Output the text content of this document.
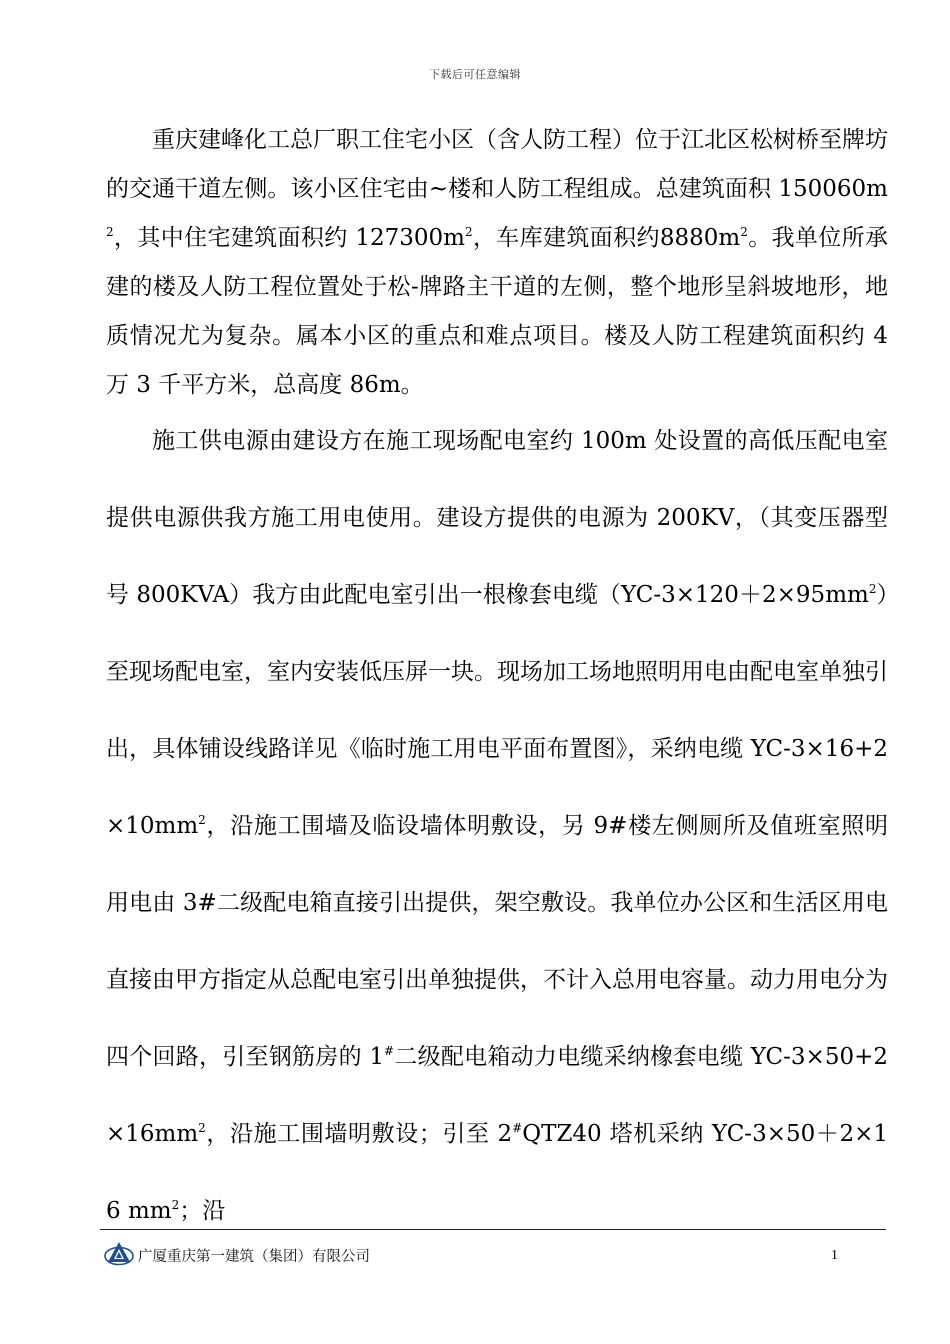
下载后可任意编辑

重庆建峰化工总厂职工住宅小区（含人防工程）位于江北区松树桥至牌坊的交通干道左侧。该小区住宅由~楼和人防工程组成。总建筑面积 $150060m^2$，其中住宅建筑面积约 $127300m^2$，车库建筑面积约$8880m^2$。我单位所承建的楼及人防工程位置处于松-牌路主干道的左侧，整个地形呈斜坡地形，地质情况尤为复杂。属本小区的重点和难点项目。楼及人防工程建筑面积约 4 万 3 千平方米，总高度 86m。

施工供电源由建设方在施工现场配电室约 100m 处设置的高低压配电室提供电源供我方施工用电使用。建设方提供的电源为 200KV，（其变压器型号 800KVA）我方由此配电室引出一根橡套电缆$(YC-3\times 120+2\times 95mm^2)$至现场配电室，室内安装低压屏一块。现场加工场地照明用电由配电室单独引出，具体铺设线路详见《临时施工用电平面布置图》，采纳电缆 $YC-3\times 16+2\times 10mm^2$，沿施工围墙及临设墙体明敷设，另 9#楼左侧厕所及值班室照明用电由 3#二级配电箱直接引出提供，架空敷设。我单位办公区和生活区用电直接由甲方指定从总配电室引出单独提供，不计入总用电容量。动力用电分为四个回路，引至钢筋房的 1#二级配电箱动力电缆采纳橡套电缆 $YC-3\times 50+2\times 16mm^2$，沿施工围墙明敷设；引至 2#QTZ40 塔机采纳 YC-3×50＋2×16 $mm^2$；沿

广厦重庆第一建筑（集团）有限公司	1
